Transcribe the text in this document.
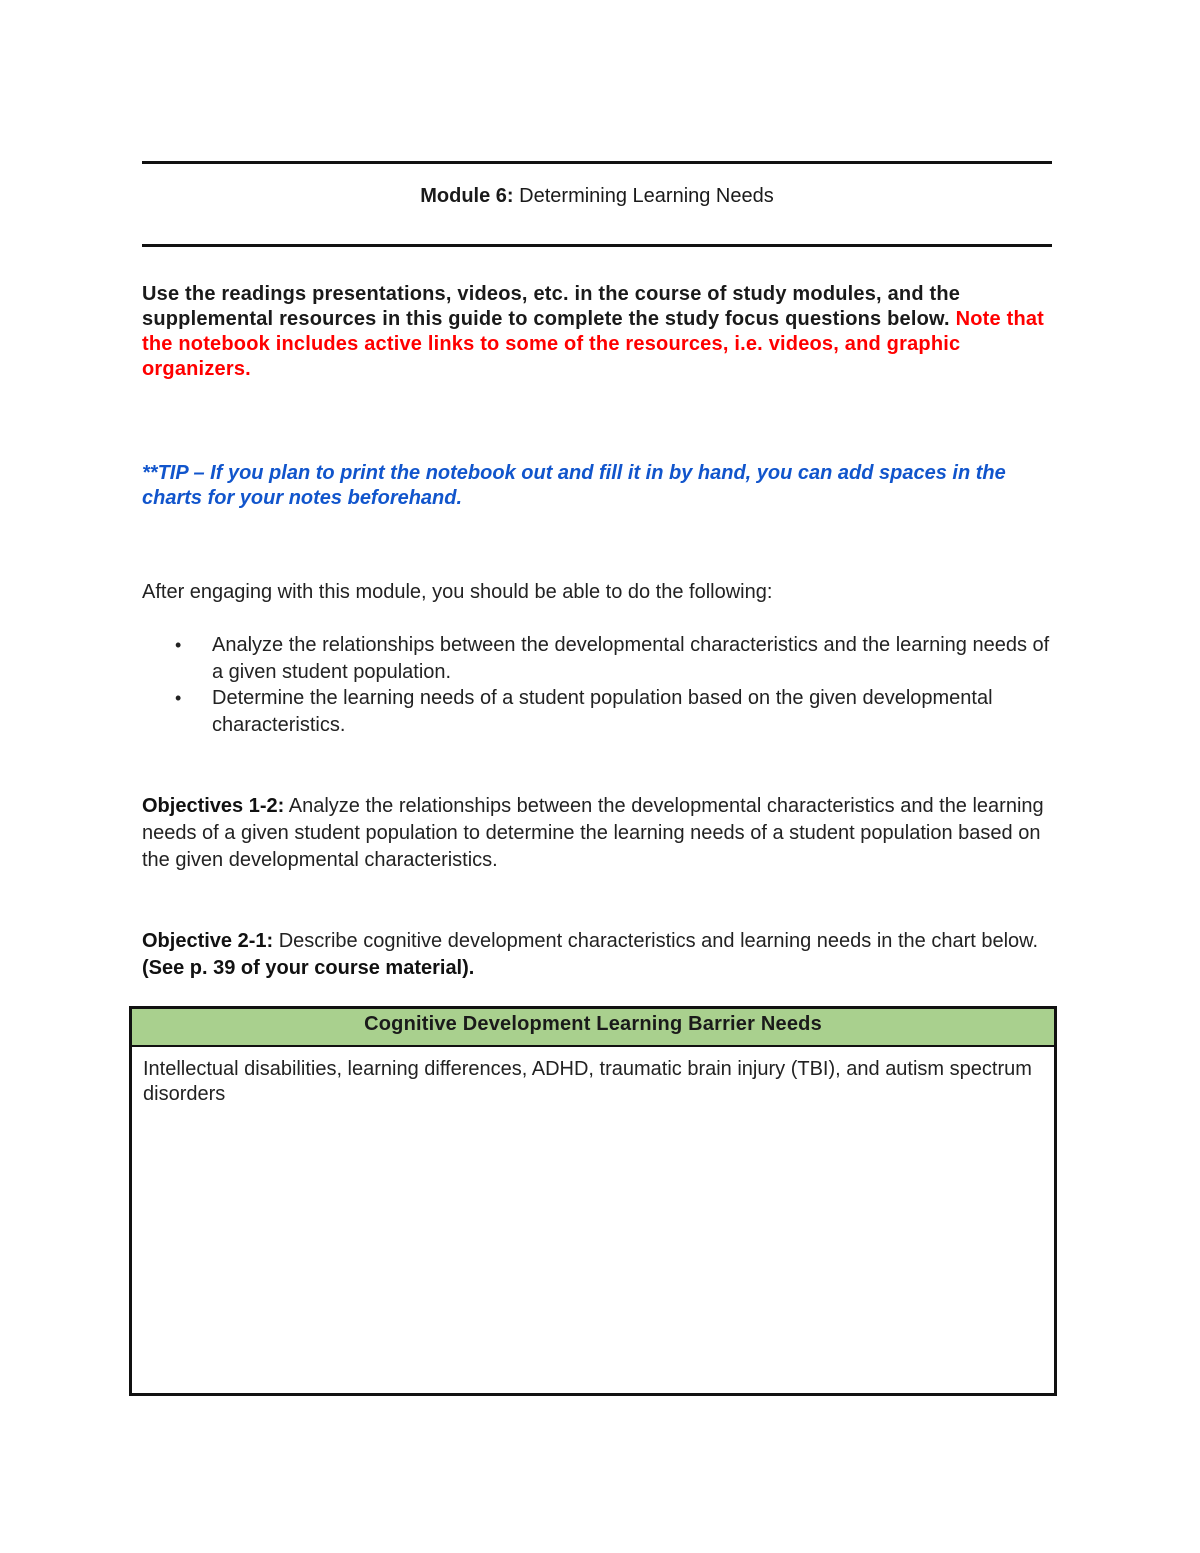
Module 6: Determining Learning Needs
Use the readings presentations, videos, etc. in the course of study modules, and the supplemental resources in this guide to complete the study focus questions below. Note that the notebook includes active links to some of the resources, i.e. videos, and graphic organizers.
**TIP – If you plan to print the notebook out and fill it in by hand, you can add spaces in the charts for your notes beforehand.
After engaging with this module, you should be able to do the following:
• Analyze the relationships between the developmental characteristics and the learning needs of a given student population.
• Determine the learning needs of a student population based on the given developmental characteristics.
Objectives 1-2: Analyze the relationships between the developmental characteristics and the learning needs of a given student population to determine the learning needs of a student population based on the given developmental characteristics.
Objective 2-1: Describe cognitive development characteristics and learning needs in the chart below. (See p. 39 of your course material).
Cognitive Development Learning Barrier Needs
Intellectual disabilities, learning differences, ADHD, traumatic brain injury (TBI), and autism spectrum disorders
